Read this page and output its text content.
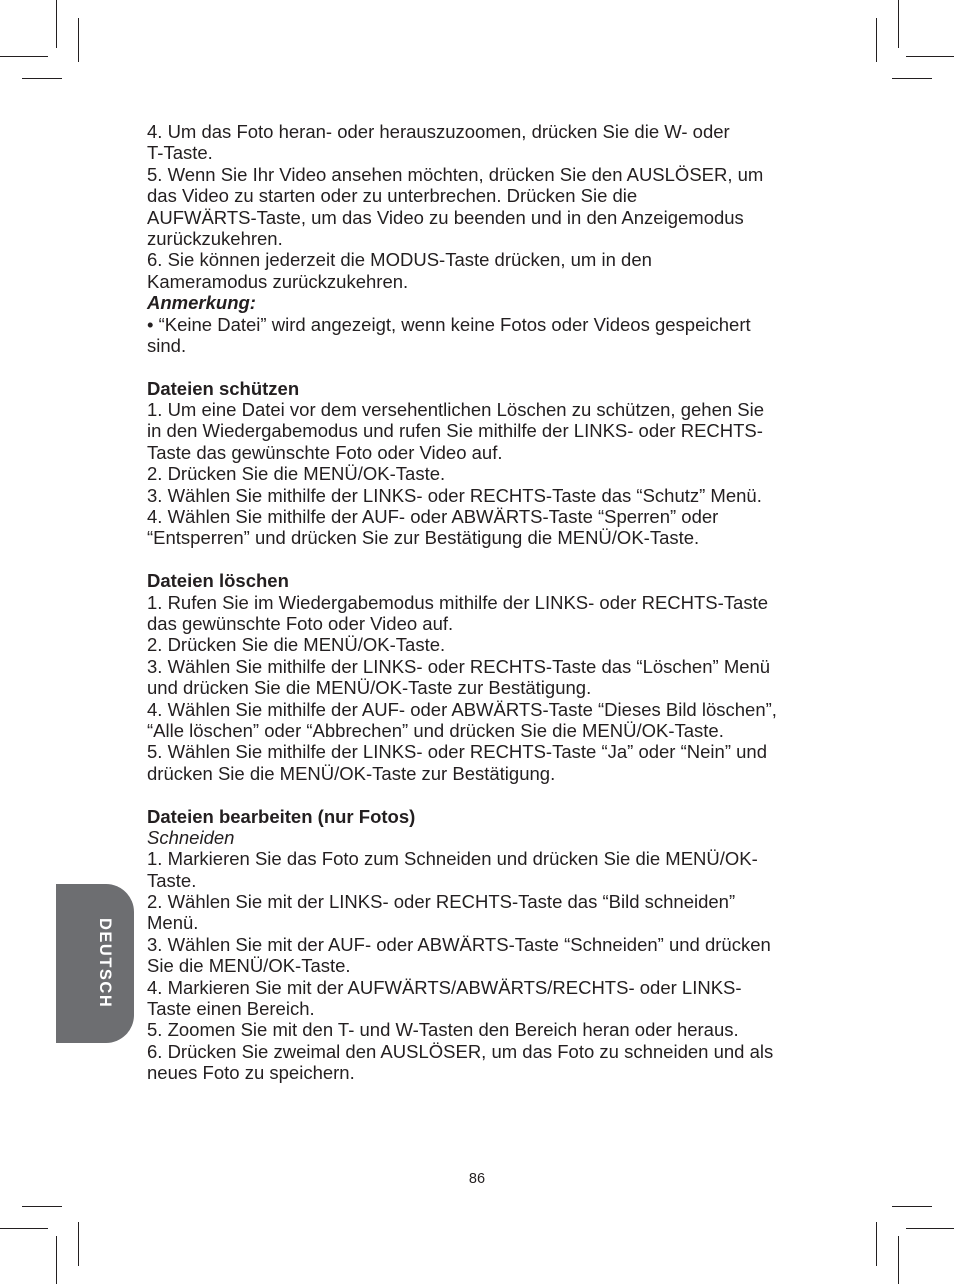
4. Um das Foto heran- oder herauszuzoomen, drücken Sie die W- oder
T-Taste.
5. Wenn Sie Ihr Video ansehen möchten, drücken Sie den AUSLÖSER, um
das Video zu starten oder zu unterbrechen. Drücken Sie die
AUFWÄRTS-Taste, um das Video zu beenden und in den Anzeigemodus
zurückzukehren.
6. Sie können jederzeit die MODUS-Taste drücken, um in den
Kameramodus zurückzukehren.
Anmerkung:
• “Keine Datei” wird angezeigt, wenn keine Fotos oder Videos gespeichert
sind.
Dateien schützen
1. Um eine Datei vor dem versehentlichen Löschen zu schützen, gehen Sie
in den Wiedergabemodus und rufen Sie mithilfe der LINKS- oder RECHTS-
Taste das gewünschte Foto oder Video auf.
2. Drücken Sie die MENÜ/OK-Taste.
3. Wählen Sie mithilfe der LINKS- oder RECHTS-Taste das “Schutz” Menü.
4. Wählen Sie mithilfe der AUF- oder ABWÄRTS-Taste “Sperren” oder
“Entsperren” und drücken Sie zur Bestätigung die MENÜ/OK-Taste.
Dateien löschen
1. Rufen Sie im Wiedergabemodus mithilfe der LINKS- oder RECHTS-Taste
das gewünschte Foto oder Video auf.
2. Drücken Sie die MENÜ/OK-Taste.
3. Wählen Sie mithilfe der LINKS- oder RECHTS-Taste das “Löschen” Menü
und drücken Sie die MENÜ/OK-Taste zur Bestätigung.
4. Wählen Sie mithilfe der AUF- oder ABWÄRTS-Taste “Dieses Bild löschen”,
“Alle löschen” oder “Abbrechen” und drücken Sie die MENÜ/OK-Taste.
5. Wählen Sie mithilfe der LINKS- oder RECHTS-Taste “Ja” oder “Nein” und
drücken Sie die MENÜ/OK-Taste zur Bestätigung.
Dateien bearbeiten (nur Fotos)
Schneiden
1. Markieren Sie das Foto zum Schneiden und drücken Sie die MENÜ/OK-
Taste.
2. Wählen Sie mit der LINKS- oder RECHTS-Taste das “Bild schneiden”
Menü.
3. Wählen Sie mit der AUF- oder ABWÄRTS-Taste “Schneiden” und drücken
Sie die MENÜ/OK-Taste.
4. Markieren Sie mit der AUFWÄRTS/ABWÄRTS/RECHTS- oder LINKS-
Taste einen Bereich.
5. Zoomen Sie mit den T- und W-Tasten den Bereich heran oder heraus.
6. Drücken Sie zweimal den AUSLÖSER, um das Foto zu schneiden und als
neues Foto zu speichern.
DEUTSCH
86
